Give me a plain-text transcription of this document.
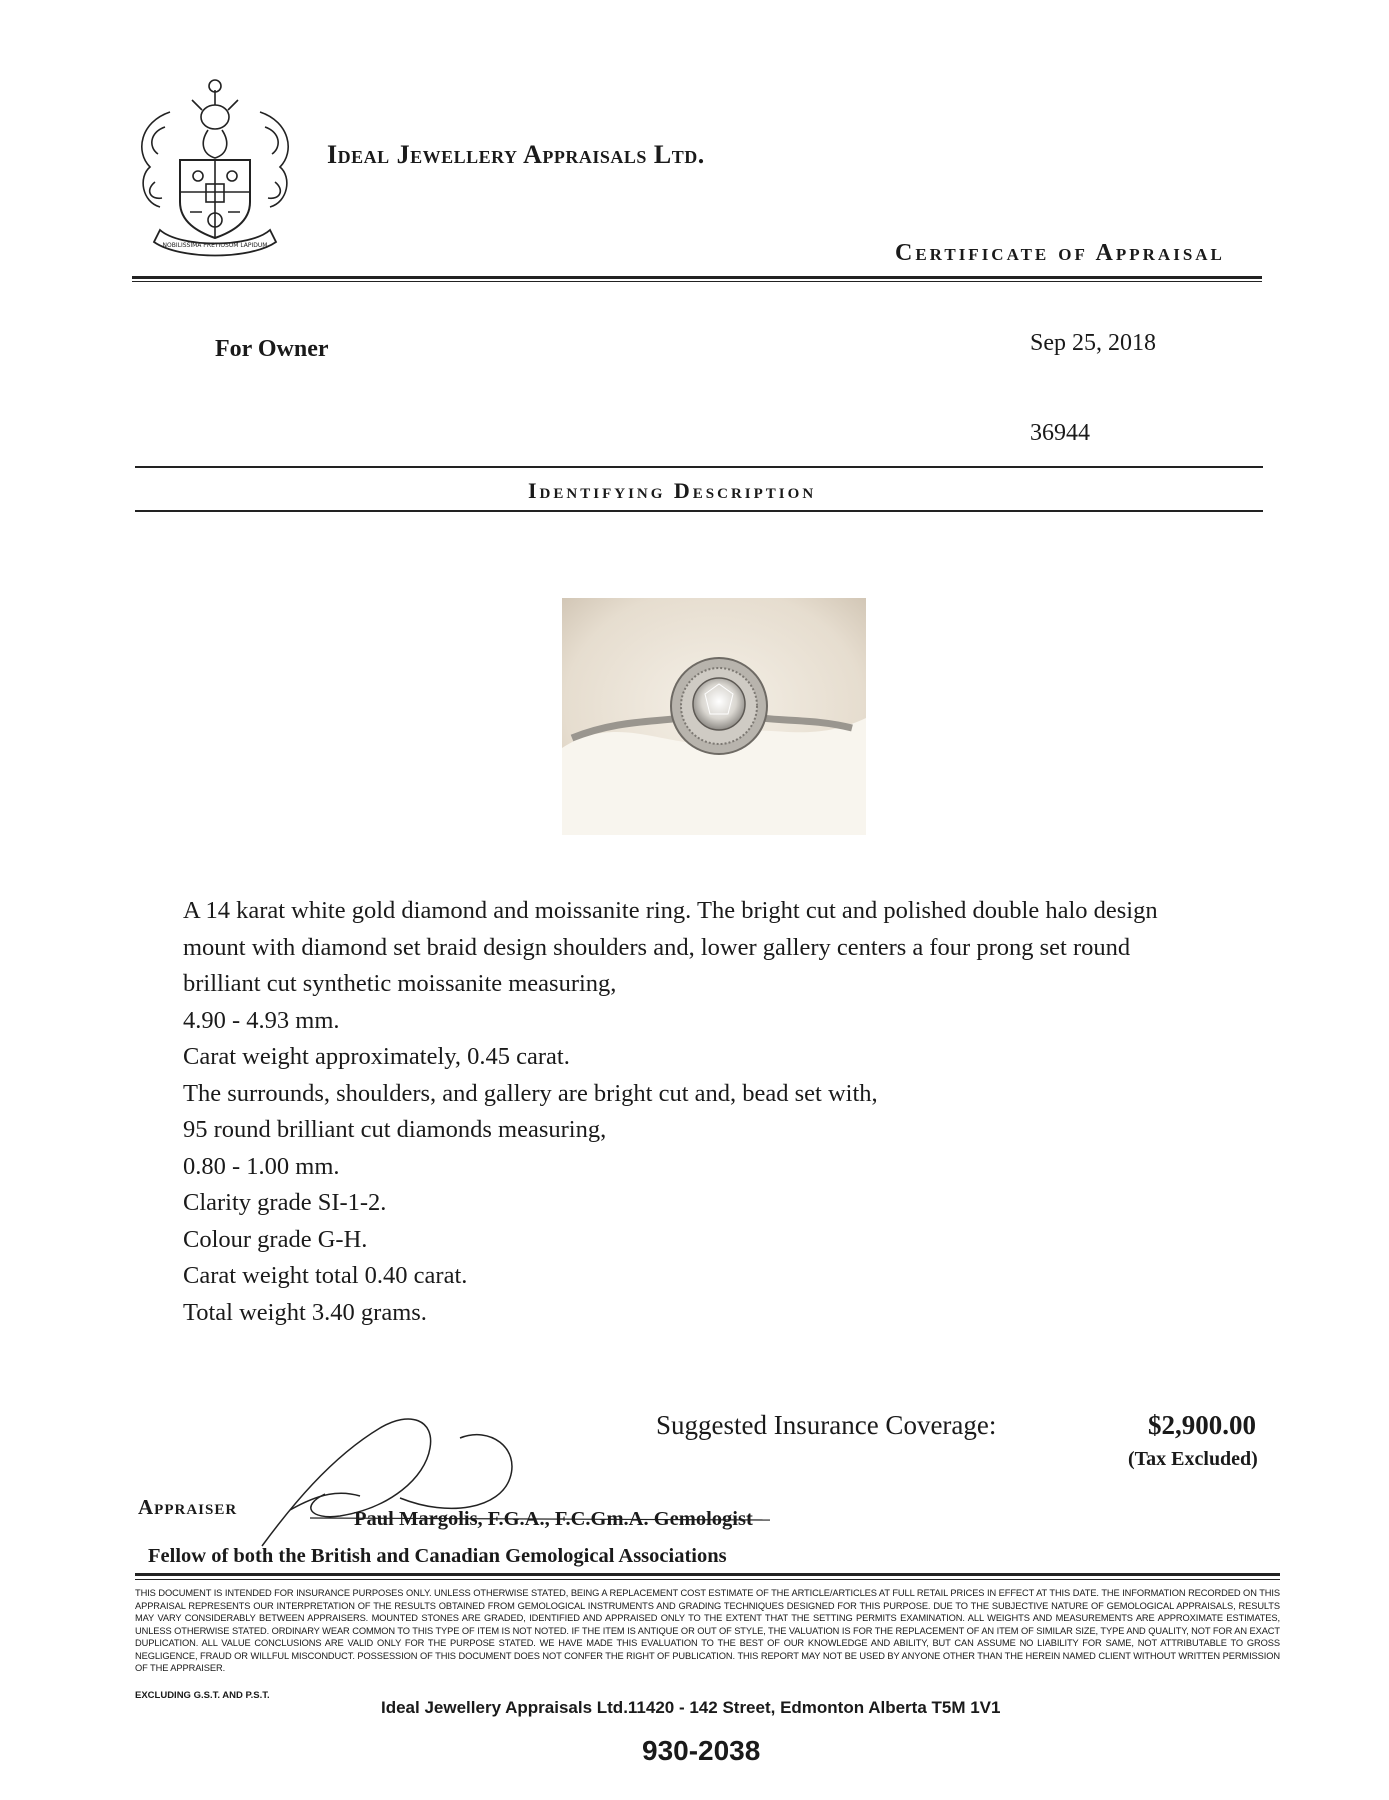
NOBILISSIMA PRETIOSUM LAPIDUM
Ideal Jewellery Appraisals Ltd.
Certificate of Appraisal
For Owner	Sep 25, 2018
36944
Identifying Description

A 14 karat white gold diamond and moissanite ring. The bright cut and polished double halo design

mount with diamond set braid design shoulders and, lower gallery centers a four prong set round

brilliant cut synthetic moissanite measuring,

4.90 - 4.93 mm.

Carat weight approximately, 0.45 carat.

The surrounds, shoulders, and gallery are bright cut and, bead set with,

95 round brilliant cut diamonds measuring,

0.80 - 1.00 mm.

Clarity grade SI-1-2.

Colour grade G-H.

Carat weight total 0.40 carat.

Total weight 3.40 grams.

Suggested Insurance Coverage:	$2,900.00
(Tax Excluded)
Appraiser	Paul Margolis, F.G.A., F.C.Gm.A. Gemologist
Fellow of both the British and Canadian Gemological Associations
THIS DOCUMENT IS INTENDED FOR INSURANCE PURPOSES ONLY. UNLESS OTHERWISE STATED, BEING A REPLACEMENT COST ESTIMATE OF THE ARTICLE/ARTICLES AT FULL RETAIL PRICES IN EFFECT AT THIS DATE. THE INFORMATION RECORDED ON THIS APPRAISAL REPRESENTS OUR INTERPRETATION OF THE RESULTS OBTAINED FROM GEMOLOGICAL INSTRUMENTS AND GRADING TECHNIQUES DESIGNED FOR THIS PURPOSE. DUE TO THE SUBJECTIVE NATURE OF GEMOLOGICAL APPRAISALS, RESULTS MAY VARY CONSIDERABLY BETWEEN APPRAISERS. MOUNTED STONES ARE GRADED, IDENTIFIED AND APPRAISED ONLY TO THE EXTENT THAT THE SETTING PERMITS EXAMINATION. ALL WEIGHTS AND MEASUREMENTS ARE APPROXIMATE ESTIMATES, UNLESS OTHERWISE STATED. ORDINARY WEAR COMMON TO THIS TYPE OF ITEM IS NOT NOTED. IF THE ITEM IS ANTIQUE OR OUT OF STYLE, THE VALUATION IS FOR THE REPLACEMENT OF AN ITEM OF SIMILAR SIZE, TYPE AND QUALITY, NOT FOR AN EXACT DUPLICATION. ALL VALUE CONCLUSIONS ARE VALID ONLY FOR THE PURPOSE STATED. WE HAVE MADE THIS EVALUATION TO THE BEST OF OUR KNOWLEDGE AND ABILITY, BUT CAN ASSUME NO LIABILITY FOR SAME, NOT ATTRIBUTABLE TO GROSS NEGLIGENCE, FRAUD OR WILLFUL MISCONDUCT. POSSESSION OF THIS DOCUMENT DOES NOT CONFER THE RIGHT OF PUBLICATION. THIS REPORT MAY NOT BE USED BY ANYONE OTHER THAN THE HEREIN NAMED CLIENT WITHOUT WRITTEN PERMISSION OF THE APPRAISER.
EXCLUDING G.S.T. AND P.S.T.
Ideal Jewellery Appraisals Ltd.11420 - 142 Street, Edmonton Alberta T5M 1V1
930-2038
